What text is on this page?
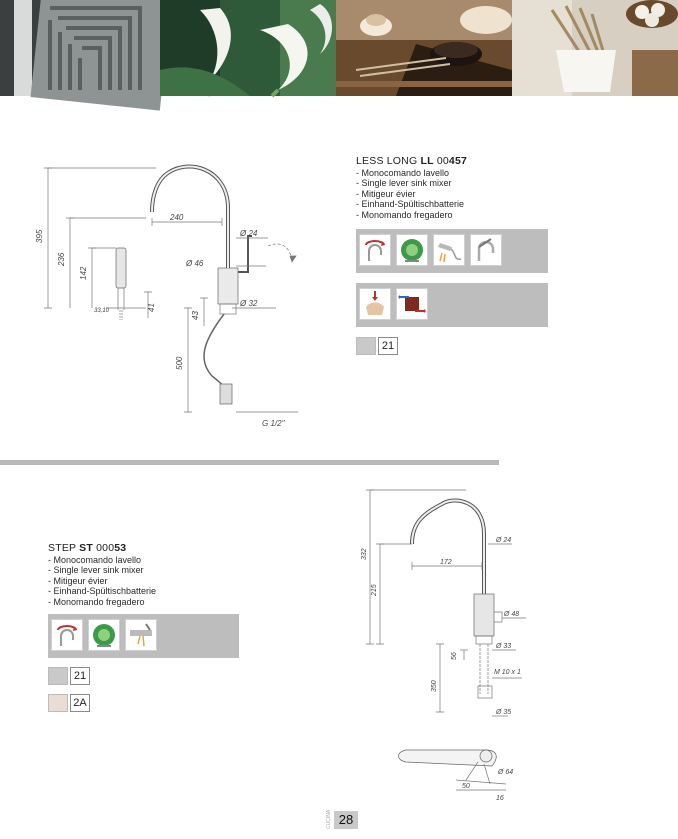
LESS LONG LL 00457
- Monocomando lavello
- Single lever sink mixer
- Mitigeur évier
- Einhand-Spültischbatterie
- Monomando fregadero
21
395
236
142
240
Ø 24
Ø 46
Ø 32
43
500
G 1/2"
41
33,10
STEP ST 00053
- Monocomando lavello
- Single lever sink mixer
- Mitigeur évier
- Einhand-Spültischbatterie
- Monomando fregadero
21
2A
332
215
172
Ø 24
Ø 48
Ø 33
Ø 35
M 10 x 1
350
56
16
50
Ø 64
CUCINA 28
